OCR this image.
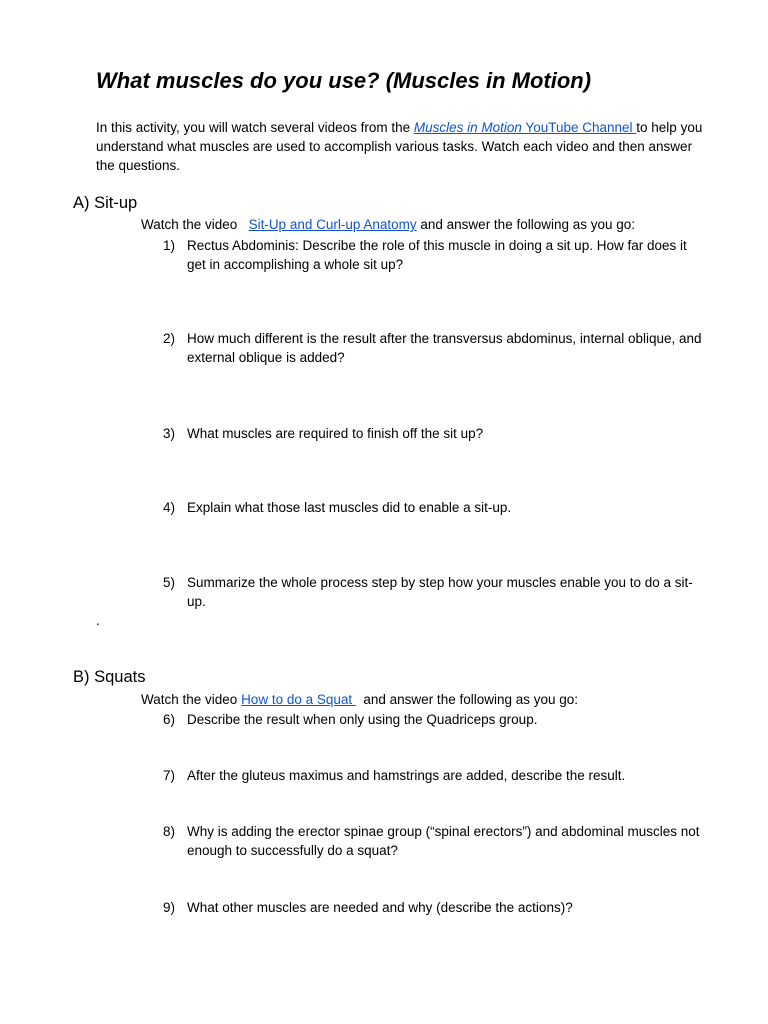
What muscles do you use? (Muscles in Motion)
In this activity, you will watch several videos from the Muscles in Motion YouTube Channel to help you understand what muscles are used to accomplish various tasks. Watch each video and then answer the questions.
A) Sit-up
Watch the video   Sit-Up and Curl-up Anatomy and answer the following as you go:
1) Rectus Abdominis: Describe the role of this muscle in doing a sit up. How far does it get in accomplishing a whole sit up?
2) How much different is the result after the transversus abdominus, internal oblique, and external oblique is added?
3) What muscles are required to finish off the sit up?
4) Explain what those last muscles did to enable a sit-up.
5) Summarize the whole process step by step how your muscles enable you to do a sit-up.
.
B) Squats
Watch the video How to do a Squat   and answer the following as you go:
6) Describe the result when only using the Quadriceps group.
7) After the gluteus maximus and hamstrings are added, describe the result.
8) Why is adding the erector spinae group (“spinal erectors”) and abdominal muscles not enough to successfully do a squat?
9) What other muscles are needed and why (describe the actions)?
